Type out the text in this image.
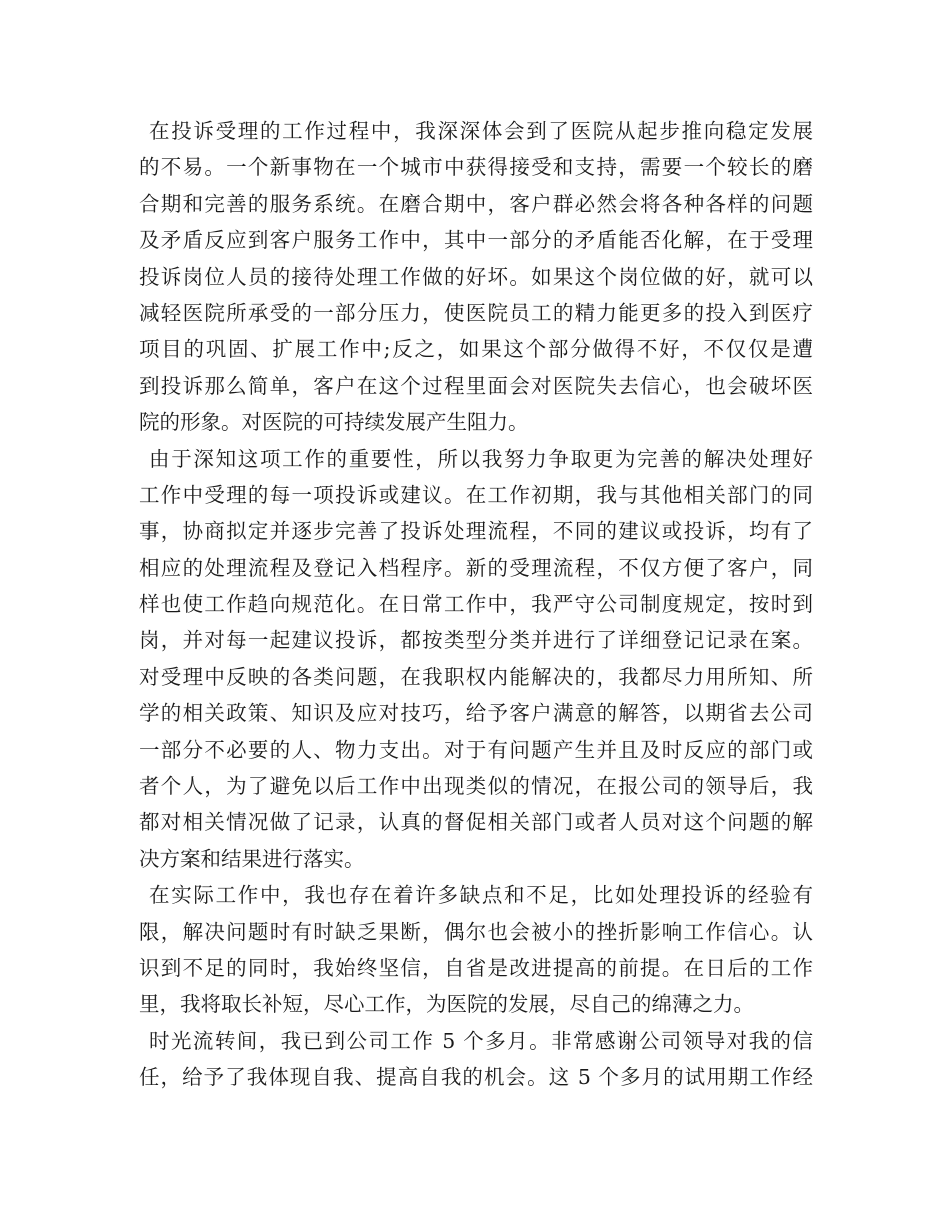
在投诉受理的工作过程中，我深深体会到了医院从起步推向稳定发展
的不易。一个新事物在一个城市中获得接受和支持，需要一个较长的磨
合期和完善的服务系统。在磨合期中，客户群必然会将各种各样的问题
及矛盾反应到客户服务工作中，其中一部分的矛盾能否化解，在于受理
投诉岗位人员的接待处理工作做的好坏。如果这个岗位做的好，就可以
减轻医院所承受的一部分压力，使医院员工的精力能更多的投入到医疗
项目的巩固、扩展工作中;反之，如果这个部分做得不好，不仅仅是遭
到投诉那么简单，客户在这个过程里面会对医院失去信心，也会破坏医
院的形象。对医院的可持续发展产生阻力。
由于深知这项工作的重要性，所以我努力争取更为完善的解决处理好
工作中受理的每一项投诉或建议。在工作初期，我与其他相关部门的同
事，协商拟定并逐步完善了投诉处理流程，不同的建议或投诉，均有了
相应的处理流程及登记入档程序。新的受理流程，不仅方便了客户，同
样也使工作趋向规范化。在日常工作中，我严守公司制度规定，按时到
岗，并对每一起建议投诉，都按类型分类并进行了详细登记记录在案。
对受理中反映的各类问题，在我职权内能解决的，我都尽力用所知、所
学的相关政策、知识及应对技巧，给予客户满意的解答，以期省去公司
一部分不必要的人、物力支出。对于有问题产生并且及时反应的部门或
者个人，为了避免以后工作中出现类似的情况，在报公司的领导后，我
都对相关情况做了记录，认真的督促相关部门或者人员对这个问题的解
决方案和结果进行落实。
在实际工作中，我也存在着许多缺点和不足，比如处理投诉的经验有
限，解决问题时有时缺乏果断，偶尔也会被小的挫折影响工作信心。认
识到不足的同时，我始终坚信，自省是改进提高的前提。在日后的工作
里，我将取长补短，尽心工作，为医院的发展，尽自己的绵薄之力。
时光流转间，我已到公司工作 5 个多月。非常感谢公司领导对我的信
任，给予了我体现自我、提高自我的机会。这 5 个多月的试用期工作经
